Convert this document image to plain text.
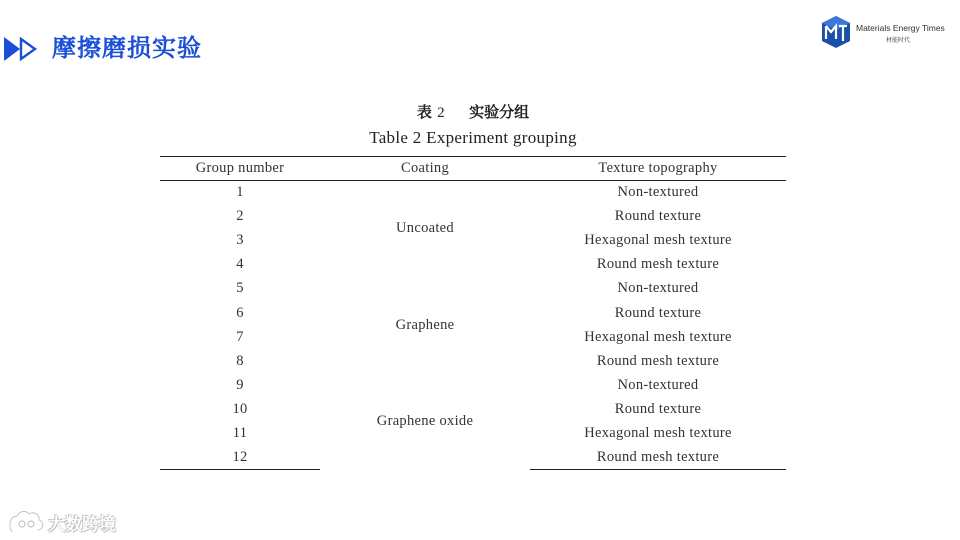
摩擦磨损实验
Materials Energy Times
材能时代
表 2 实验分组
Table 2 Experiment grouping
Group number	Coating	Texture topography
1	Uncoated	Non-textured
2		Round texture
3		Hexagonal mesh texture
4		Round mesh texture
5	Graphene	Non-textured
6		Round texture
7		Hexagonal mesh texture
8		Round mesh texture
9	Graphene oxide	Non-textured
10		Round texture
11		Hexagonal mesh texture
12		Round mesh texture
大数跨境
